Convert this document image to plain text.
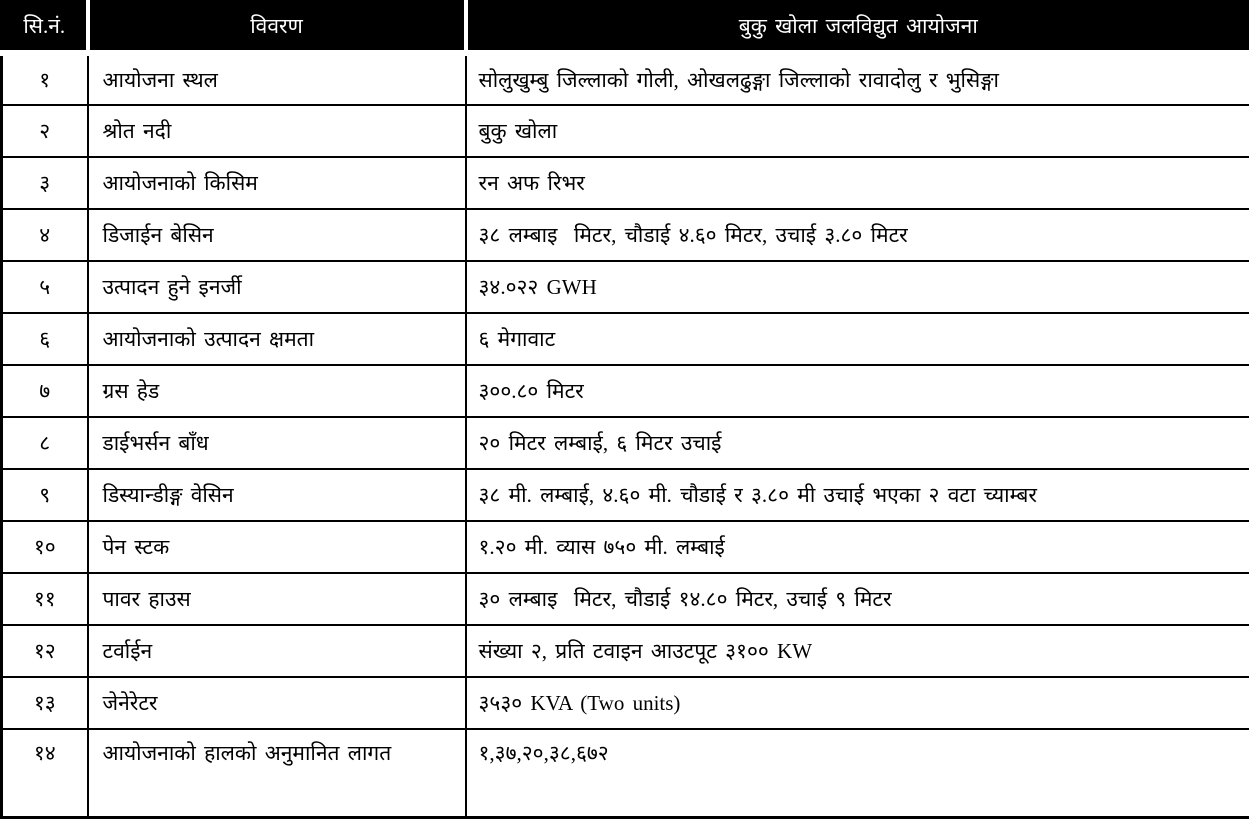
सि.नं.	विवरण	बुकु खोला जलविद्युत आयोजना
१	आयोजना स्थल	सोलुखुम्बु जिल्लाको गोली, ओखलढुङ्गा जिल्लाको रावादोलु र भुसिङ्गा
२	श्रोत नदी	बुकु खोला
३	आयोजनाको किसिम	रन अफ रिभर
४	डिजाईन बेसिन	३८ लम्बाइ  मिटर, चौडाई ४.६० मिटर, उचाई ३.८० मिटर
५	उत्पादन हुने इनर्जी	३४.०२२ GWH
६	आयोजनाको उत्पादन क्षमता	६ मेगावाट
७	ग्रस हेड	३००.८० मिटर
८	डाईभर्सन बाँध	२० मिटर लम्बाई, ६ मिटर उचाई
९	डिस्यान्डीङ्ग वेसिन	३८ मी. लम्बाई, ४.६० मी. चौडाई र ३.८० मी उचाई भएका २ वटा च्याम्बर
१०	पेन स्टक	१.२० मी. व्यास ७५० मी. लम्बाई
११	पावर हाउस	३० लम्बाइ  मिटर, चौडाई १४.८० मिटर, उचाई ९ मिटर
१२	टर्वाईन	संख्या २, प्रति टवाइन आउटपूट ३१०० KW
१३	जेनेरेटर	३५३० KVA (Two units)
१४	आयोजनाको हालको अनुमानित लागत	१,३७,२०,३८,६७२
